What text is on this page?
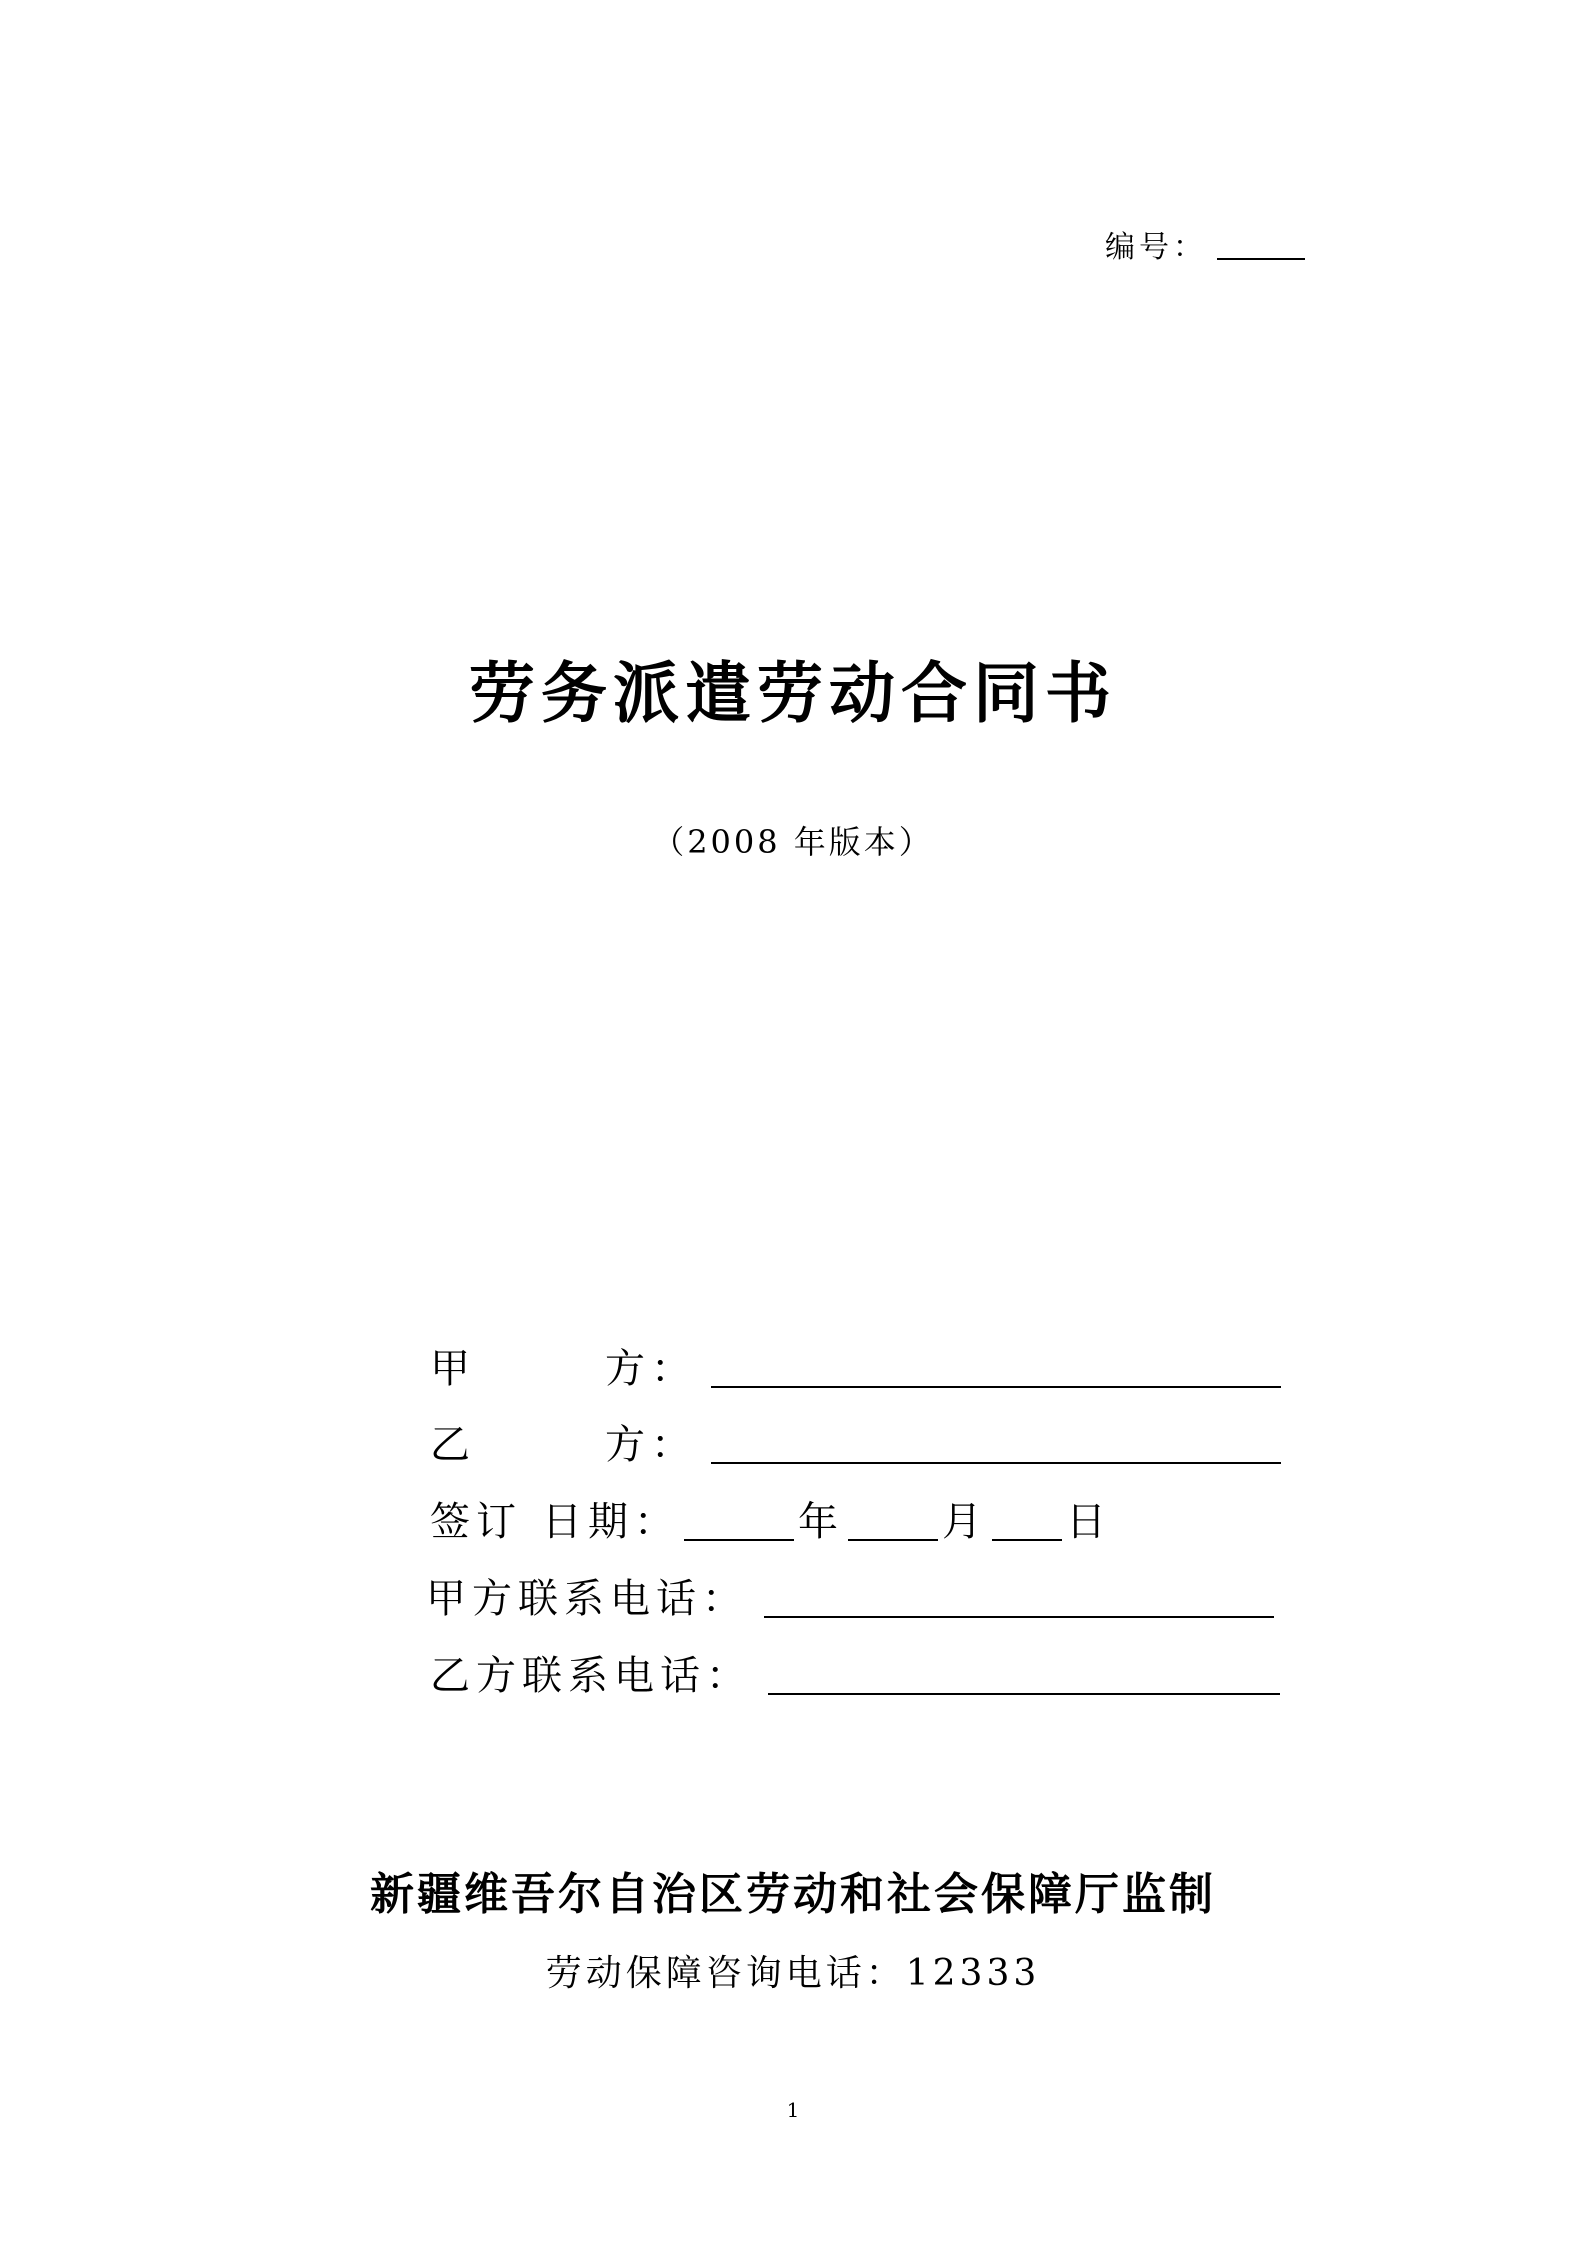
编号：
劳务派遣劳动合同书
（2008 年版本）
甲	方：
乙	方：
签订 日期：	年 月 日
甲方联系电话：
乙方联系电话：
新疆维吾尔自治区劳动和社会保障厅监制
劳动保障咨询电话：12333
1
